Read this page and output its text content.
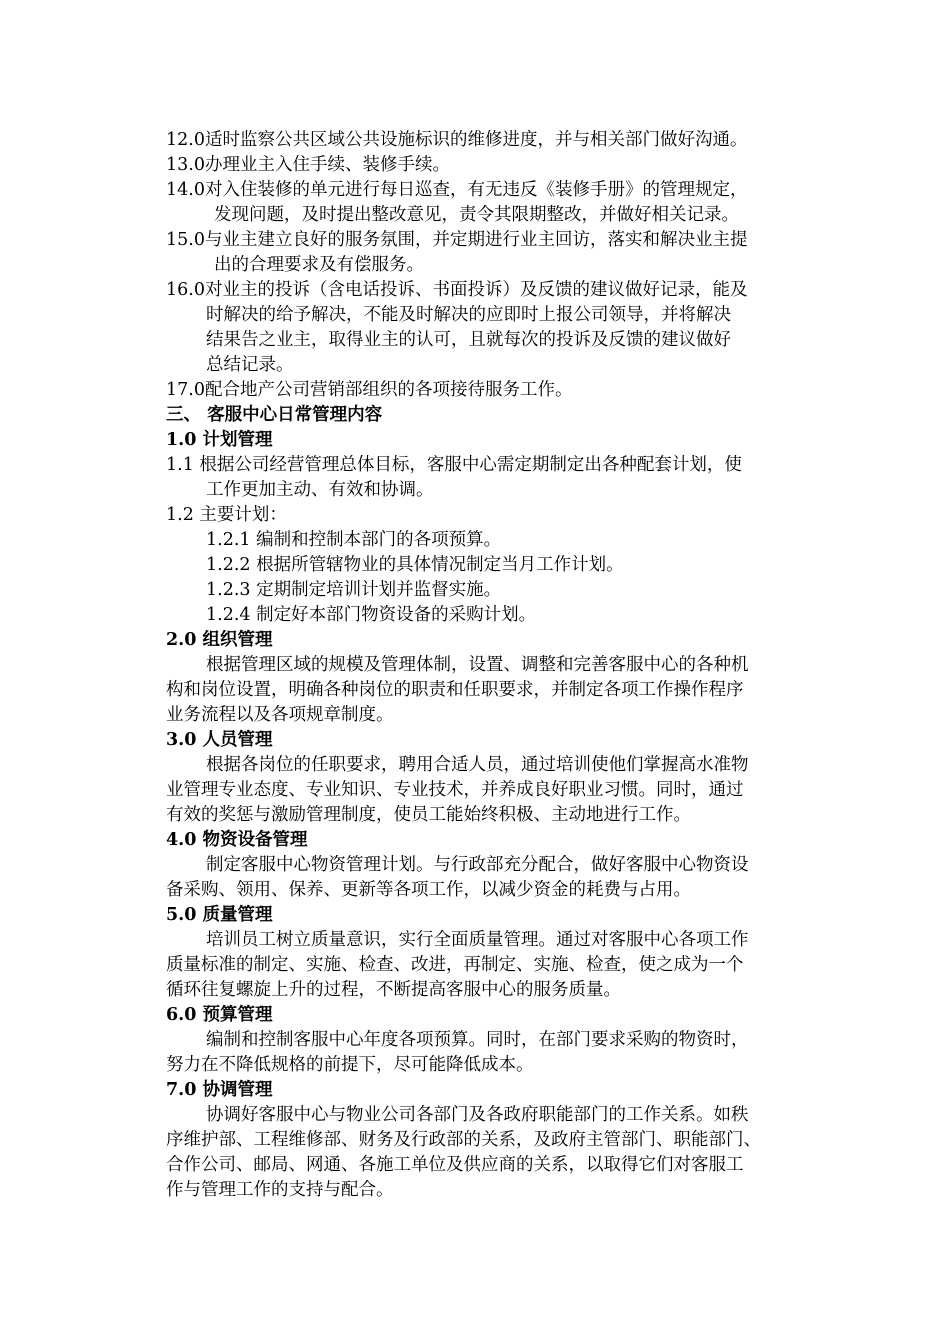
12.0适时监察公共区域公共设施标识的维修进度，并与相关部门做好沟通。
13.0办理业主入住手续、装修手续。
14.0对入住装修的单元进行每日巡查，有无违反《装修手册》的管理规定，
发现问题，及时提出整改意见，责令其限期整改，并做好相关记录。
15.0与业主建立良好的服务氛围，并定期进行业主回访，落实和解决业主提
出的合理要求及有偿服务。
16.0对业主的投诉（含电话投诉、书面投诉）及反馈的建议做好记录，能及
时解决的给予解决，不能及时解决的应即时上报公司领导，并将解决
结果告之业主，取得业主的认可，且就每次的投诉及反馈的建议做好
总结记录。
17.0配合地产公司营销部组织的各项接待服务工作。
三、 客服中心日常管理内容
1.0 计划管理
1.1 根据公司经营管理总体目标，客服中心需定期制定出各种配套计划，使
工作更加主动、有效和协调。
1.2 主要计划：
1.2.1 编制和控制本部门的各项预算。
1.2.2 根据所管辖物业的具体情况制定当月工作计划。
1.2.3 定期制定培训计划并监督实施。
1.2.4 制定好本部门物资设备的采购计划。
2.0 组织管理
根据管理区域的规模及管理体制，设置、调整和完善客服中心的各种机
构和岗位设置，明确各种岗位的职责和任职要求，并制定各项工作操作程序
业务流程以及各项规章制度。
3.0 人员管理
根据各岗位的任职要求，聘用合适人员，通过培训使他们掌握高水准物
业管理专业态度、专业知识、专业技术，并养成良好职业习惯。同时，通过
有效的奖惩与激励管理制度，使员工能始终积极、主动地进行工作。
4.0 物资设备管理
制定客服中心物资管理计划。与行政部充分配合，做好客服中心物资设
备采购、领用、保养、更新等各项工作，以减少资金的耗费与占用。
5.0 质量管理
培训员工树立质量意识，实行全面质量管理。通过对客服中心各项工作
质量标准的制定、实施、检查、改进，再制定、实施、检查，使之成为一个
循环往复螺旋上升的过程，不断提高客服中心的服务质量。
6.0 预算管理
编制和控制客服中心年度各项预算。同时，在部门要求采购的物资时，
努力在不降低规格的前提下，尽可能降低成本。
7.0 协调管理
协调好客服中心与物业公司各部门及各政府职能部门的工作关系。如秩
序维护部、工程维修部、财务及行政部的关系，及政府主管部门、职能部门、
合作公司、邮局、网通、各施工单位及供应商的关系，以取得它们对客服工
作与管理工作的支持与配合。
